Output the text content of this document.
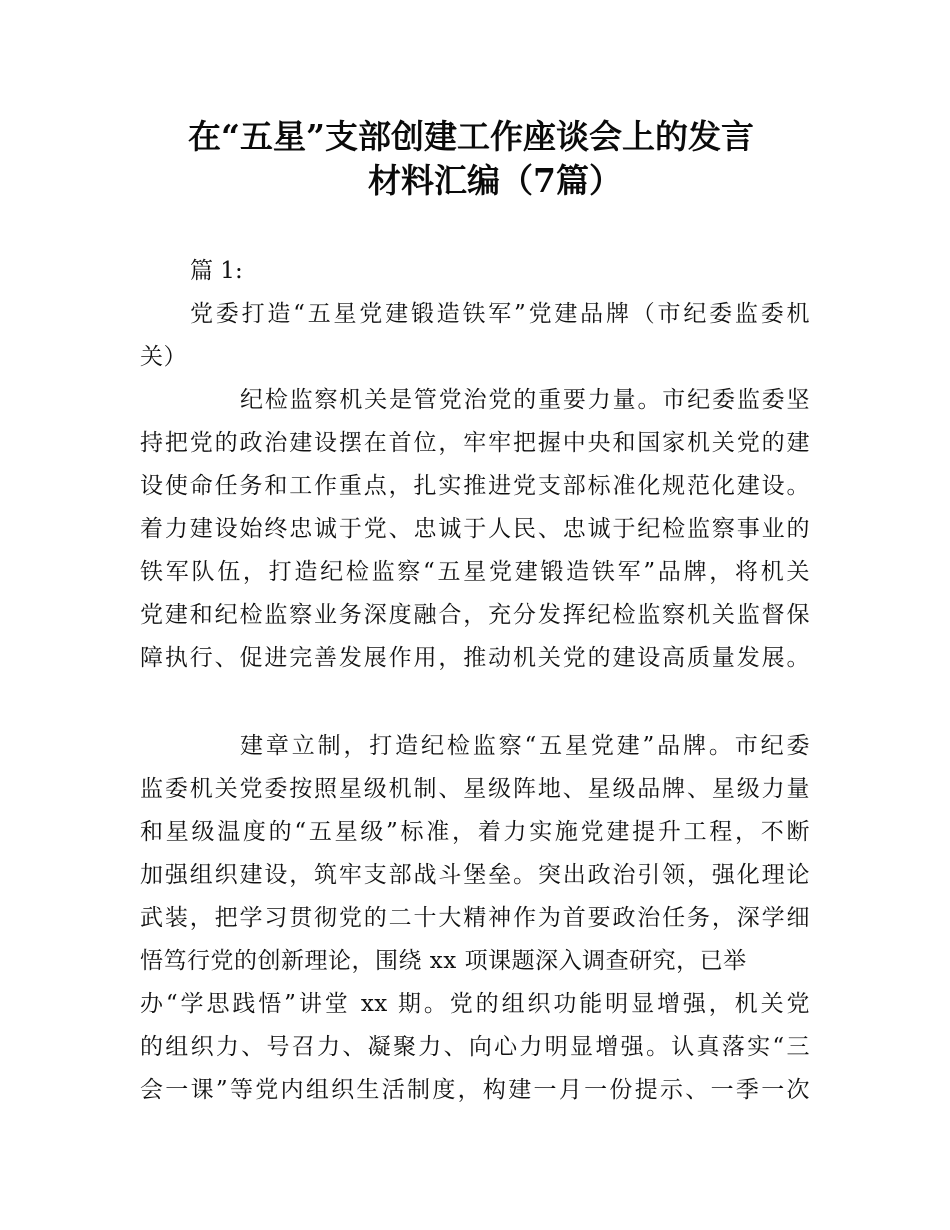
在“五星”支部创建工作座谈会上的发言
材料汇编（7篇）
篇 1:
党委打造“五星党建锻造铁军”党建品牌（市纪委监委机
关）
纪检监察机关是管党治党的重要力量。市纪委监委坚
持把党的政治建设摆在首位，牢牢把握中央和国家机关党的建
设使命任务和工作重点，扎实推进党支部标准化规范化建设。
着力建设始终忠诚于党、忠诚于人民、忠诚于纪检监察事业的
铁军队伍，打造纪检监察“五星党建锻造铁军”品牌，将机关
党建和纪检监察业务深度融合，充分发挥纪检监察机关监督保
障执行、促进完善发展作用，推动机关党的建设高质量发展。
建章立制，打造纪检监察“五星党建”品牌。市纪委
监委机关党委按照星级机制、星级阵地、星级品牌、星级力量
和星级温度的“五星级”标准，着力实施党建提升工程，不断
加强组织建设，筑牢支部战斗堡垒。突出政治引领，强化理论
武装，把学习贯彻党的二十大精神作为首要政治任务，深学细
悟笃行党的创新理论，围绕 xx 项课题深入调查研究，已举
办“学思践悟”讲堂 xx 期。党的组织功能明显增强，机关党
的组织力、号召力、凝聚力、向心力明显增强。认真落实“三
会一课”等党内组织生活制度，构建一月一份提示、一季一次
